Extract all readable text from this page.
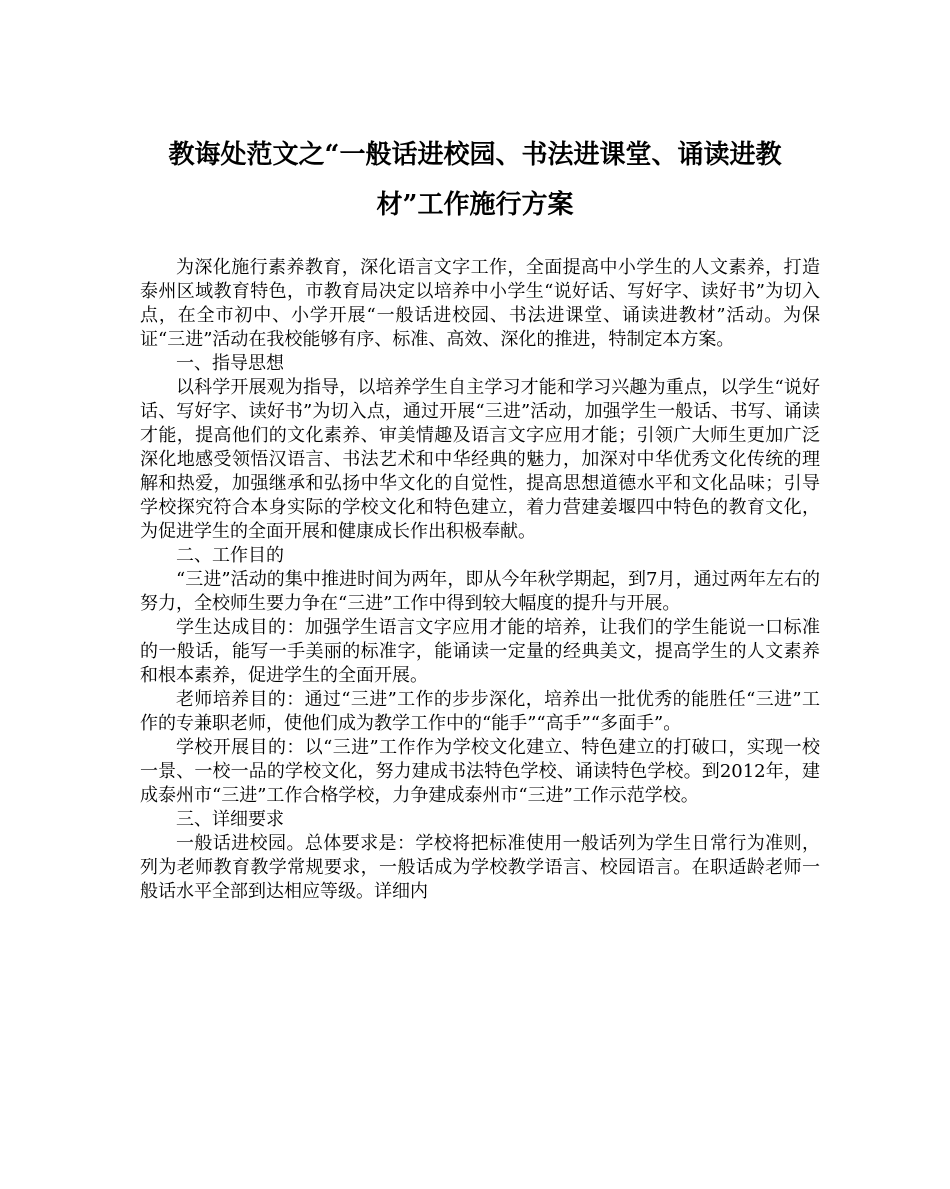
教诲处范文之“一般话进校园、书法进课堂、诵读进教
材”工作施行方案

为深化施行素养教育，深化语言文字工作，全面提高中小学生的人文素养，打造泰州区域教育特色，市教育局决定以培养中小学生“说好话、写好字、读好书”为切入点，在全市初中、小学开展“一般话进校园、书法进课堂、诵读进教材”活动。为保证“三进”活动在我校能够有序、标准、高效、深化的推进，特制定本方案。

一、指导思想

以科学开展观为指导，以培养学生自主学习才能和学习兴趣为重点，以学生“说好话、写好字、读好书”为切入点，通过开展“三进”活动，加强学生一般话、书写、诵读才能，提高他们的文化素养、审美情趣及语言文字应用才能；引领广大师生更加广泛深化地感受领悟汉语言、书法艺术和中华经典的魅力，加深对中华优秀文化传统的理解和热爱，加强继承和弘扬中华文化的自觉性，提高思想道德水平和文化品味；引导学校探究符合本身实际的学校文化和特色建立，着力营建姜堰四中特色的教育文化，为促进学生的全面开展和健康成长作出积极奉献。

二、工作目的

“三进”活动的集中推进时间为两年，即从今年秋学期起，到7月，通过两年左右的努力，全校师生要力争在“三进”工作中得到较大幅度的提升与开展。

学生达成目的：加强学生语言文字应用才能的培养，让我们的学生能说一口标准的一般话，能写一手美丽的标准字，能诵读一定量的经典美文，提高学生的人文素养和根本素养，促进学生的全面开展。

老师培养目的：通过“三进”工作的步步深化，培养出一批优秀的能胜任“三进”工作的专兼职老师，使他们成为教学工作中的“能手”“高手”“多面手”。

学校开展目的：以“三进”工作作为学校文化建立、特色建立的打破口，实现一校一景、一校一品的学校文化，努力建成书法特色学校、诵读特色学校。到2012年，建成泰州市“三进”工作合格学校，力争建成泰州市“三进”工作示范学校。

三、详细要求

一般话进校园。总体要求是：学校将把标准使用一般话列为学生日常行为准则，列为老师教育教学常规要求，一般话成为学校教学语言、校园语言。在职适龄老师一般话水平全部到达相应等级。详细内
